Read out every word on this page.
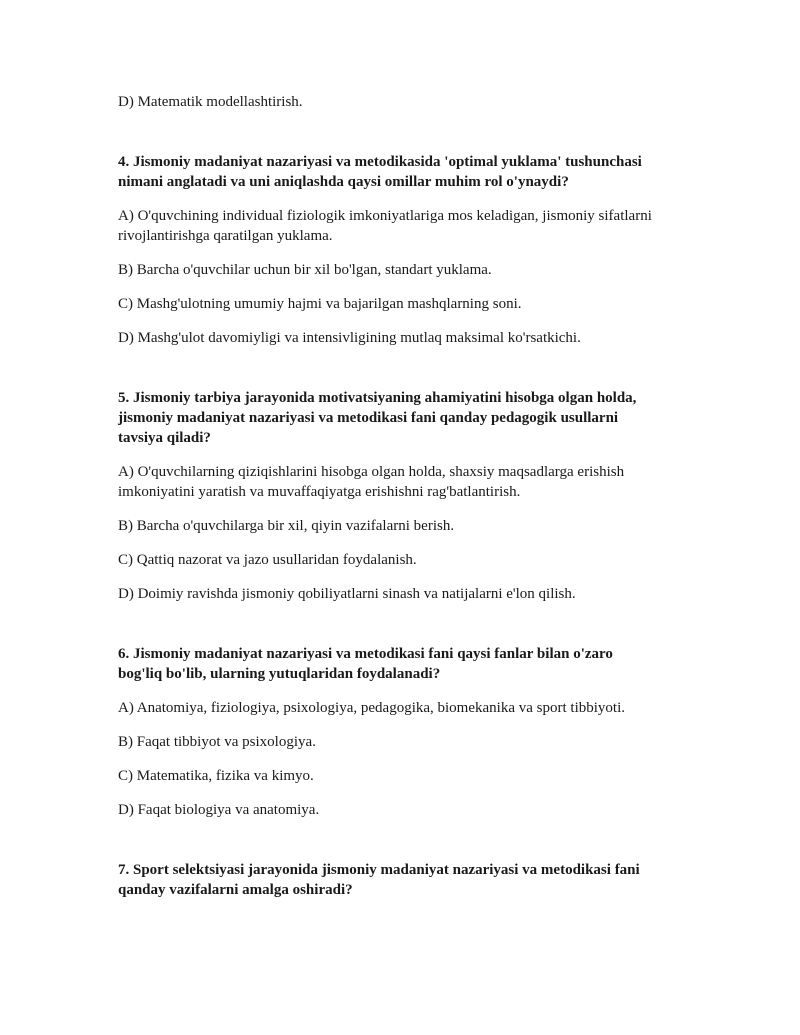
D) Matematik modellashtirish.

4. Jismoniy madaniyat nazariyasi va metodikasida 'optimal yuklama' tushunchasi

nimani anglatadi va uni aniqlashda qaysi omillar muhim rol o'ynaydi?

A) O'quvchining individual fiziologik imkoniyatlariga mos keladigan, jismoniy sifatlarni

rivojlantirishga qaratilgan yuklama.

B) Barcha o'quvchilar uchun bir xil bo'lgan, standart yuklama.

C) Mashg'ulotning umumiy hajmi va bajarilgan mashqlarning soni.

D) Mashg'ulot davomiyligi va intensivligining mutlaq maksimal ko'rsatkichi.

5. Jismoniy tarbiya jarayonida motivatsiyaning ahamiyatini hisobga olgan holda,

jismoniy madaniyat nazariyasi va metodikasi fani qanday pedagogik usullarni

tavsiya qiladi?

A) O'quvchilarning qiziqishlarini hisobga olgan holda, shaxsiy maqsadlarga erishish

imkoniyatini yaratish va muvaffaqiyatga erishishni rag'batlantirish.

B) Barcha o'quvchilarga bir xil, qiyin vazifalarni berish.

C) Qattiq nazorat va jazo usullaridan foydalanish.

D) Doimiy ravishda jismoniy qobiliyatlarni sinash va natijalarni e'lon qilish.

6. Jismoniy madaniyat nazariyasi va metodikasi fani qaysi fanlar bilan o'zaro

bog'liq bo'lib, ularning yutuqlaridan foydalanadi?

A) Anatomiya, fiziologiya, psixologiya, pedagogika, biomekanika va sport tibbiyoti.

B) Faqat tibbiyot va psixologiya.

C) Matematika, fizika va kimyo.

D) Faqat biologiya va anatomiya.

7. Sport selektsiyasi jarayonida jismoniy madaniyat nazariyasi va metodikasi fani

qanday vazifalarni amalga oshiradi?
